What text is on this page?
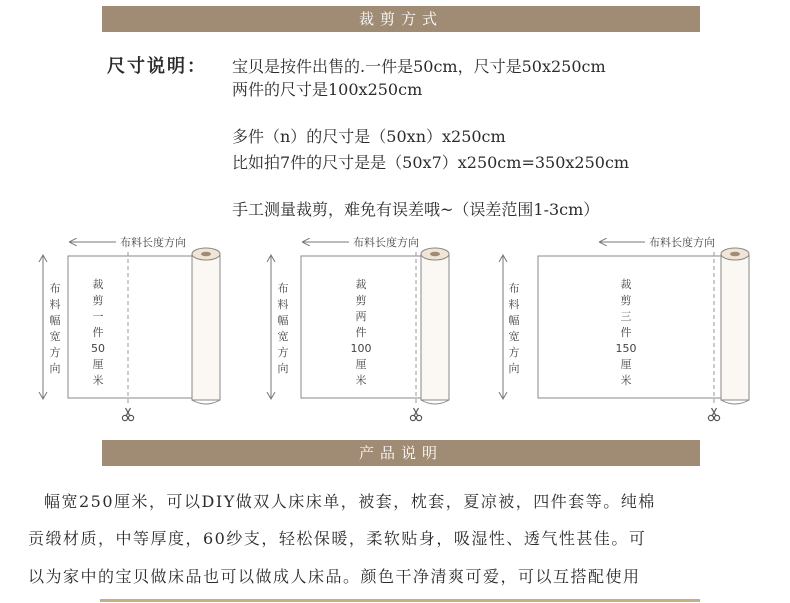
裁剪方式
尺寸说明： 宝贝是按件出售的.一件是50cm，尺寸是50x250cm
两件的尺寸是100x250cm
多件（n）的尺寸是（50xn）x250cm
比如拍7件的尺寸是是（50x7）x250cm=350x250cm
手工测量裁剪，难免有误差哦~（误差范围1-3cm）
布料长度方向
布
料
幅
宽
方
向
裁
剪
一
件
50
厘
米
布料长度方向
布
料
幅
宽
方
向
裁
剪
两
件
100
厘
米
布料长度方向
布
料
幅
宽
方
向
裁
剪
三
件
150
厘
米
产品说明
幅宽250厘米，可以DIY做双人床床单，被套，枕套，夏凉被，四件套等。纯棉
贡缎材质，中等厚度，60纱支，轻松保暖，柔软贴身，吸湿性、透气性甚佳。可
以为家中的宝贝做床品也可以做成人床品。颜色干净清爽可爱，可以互搭配使用
